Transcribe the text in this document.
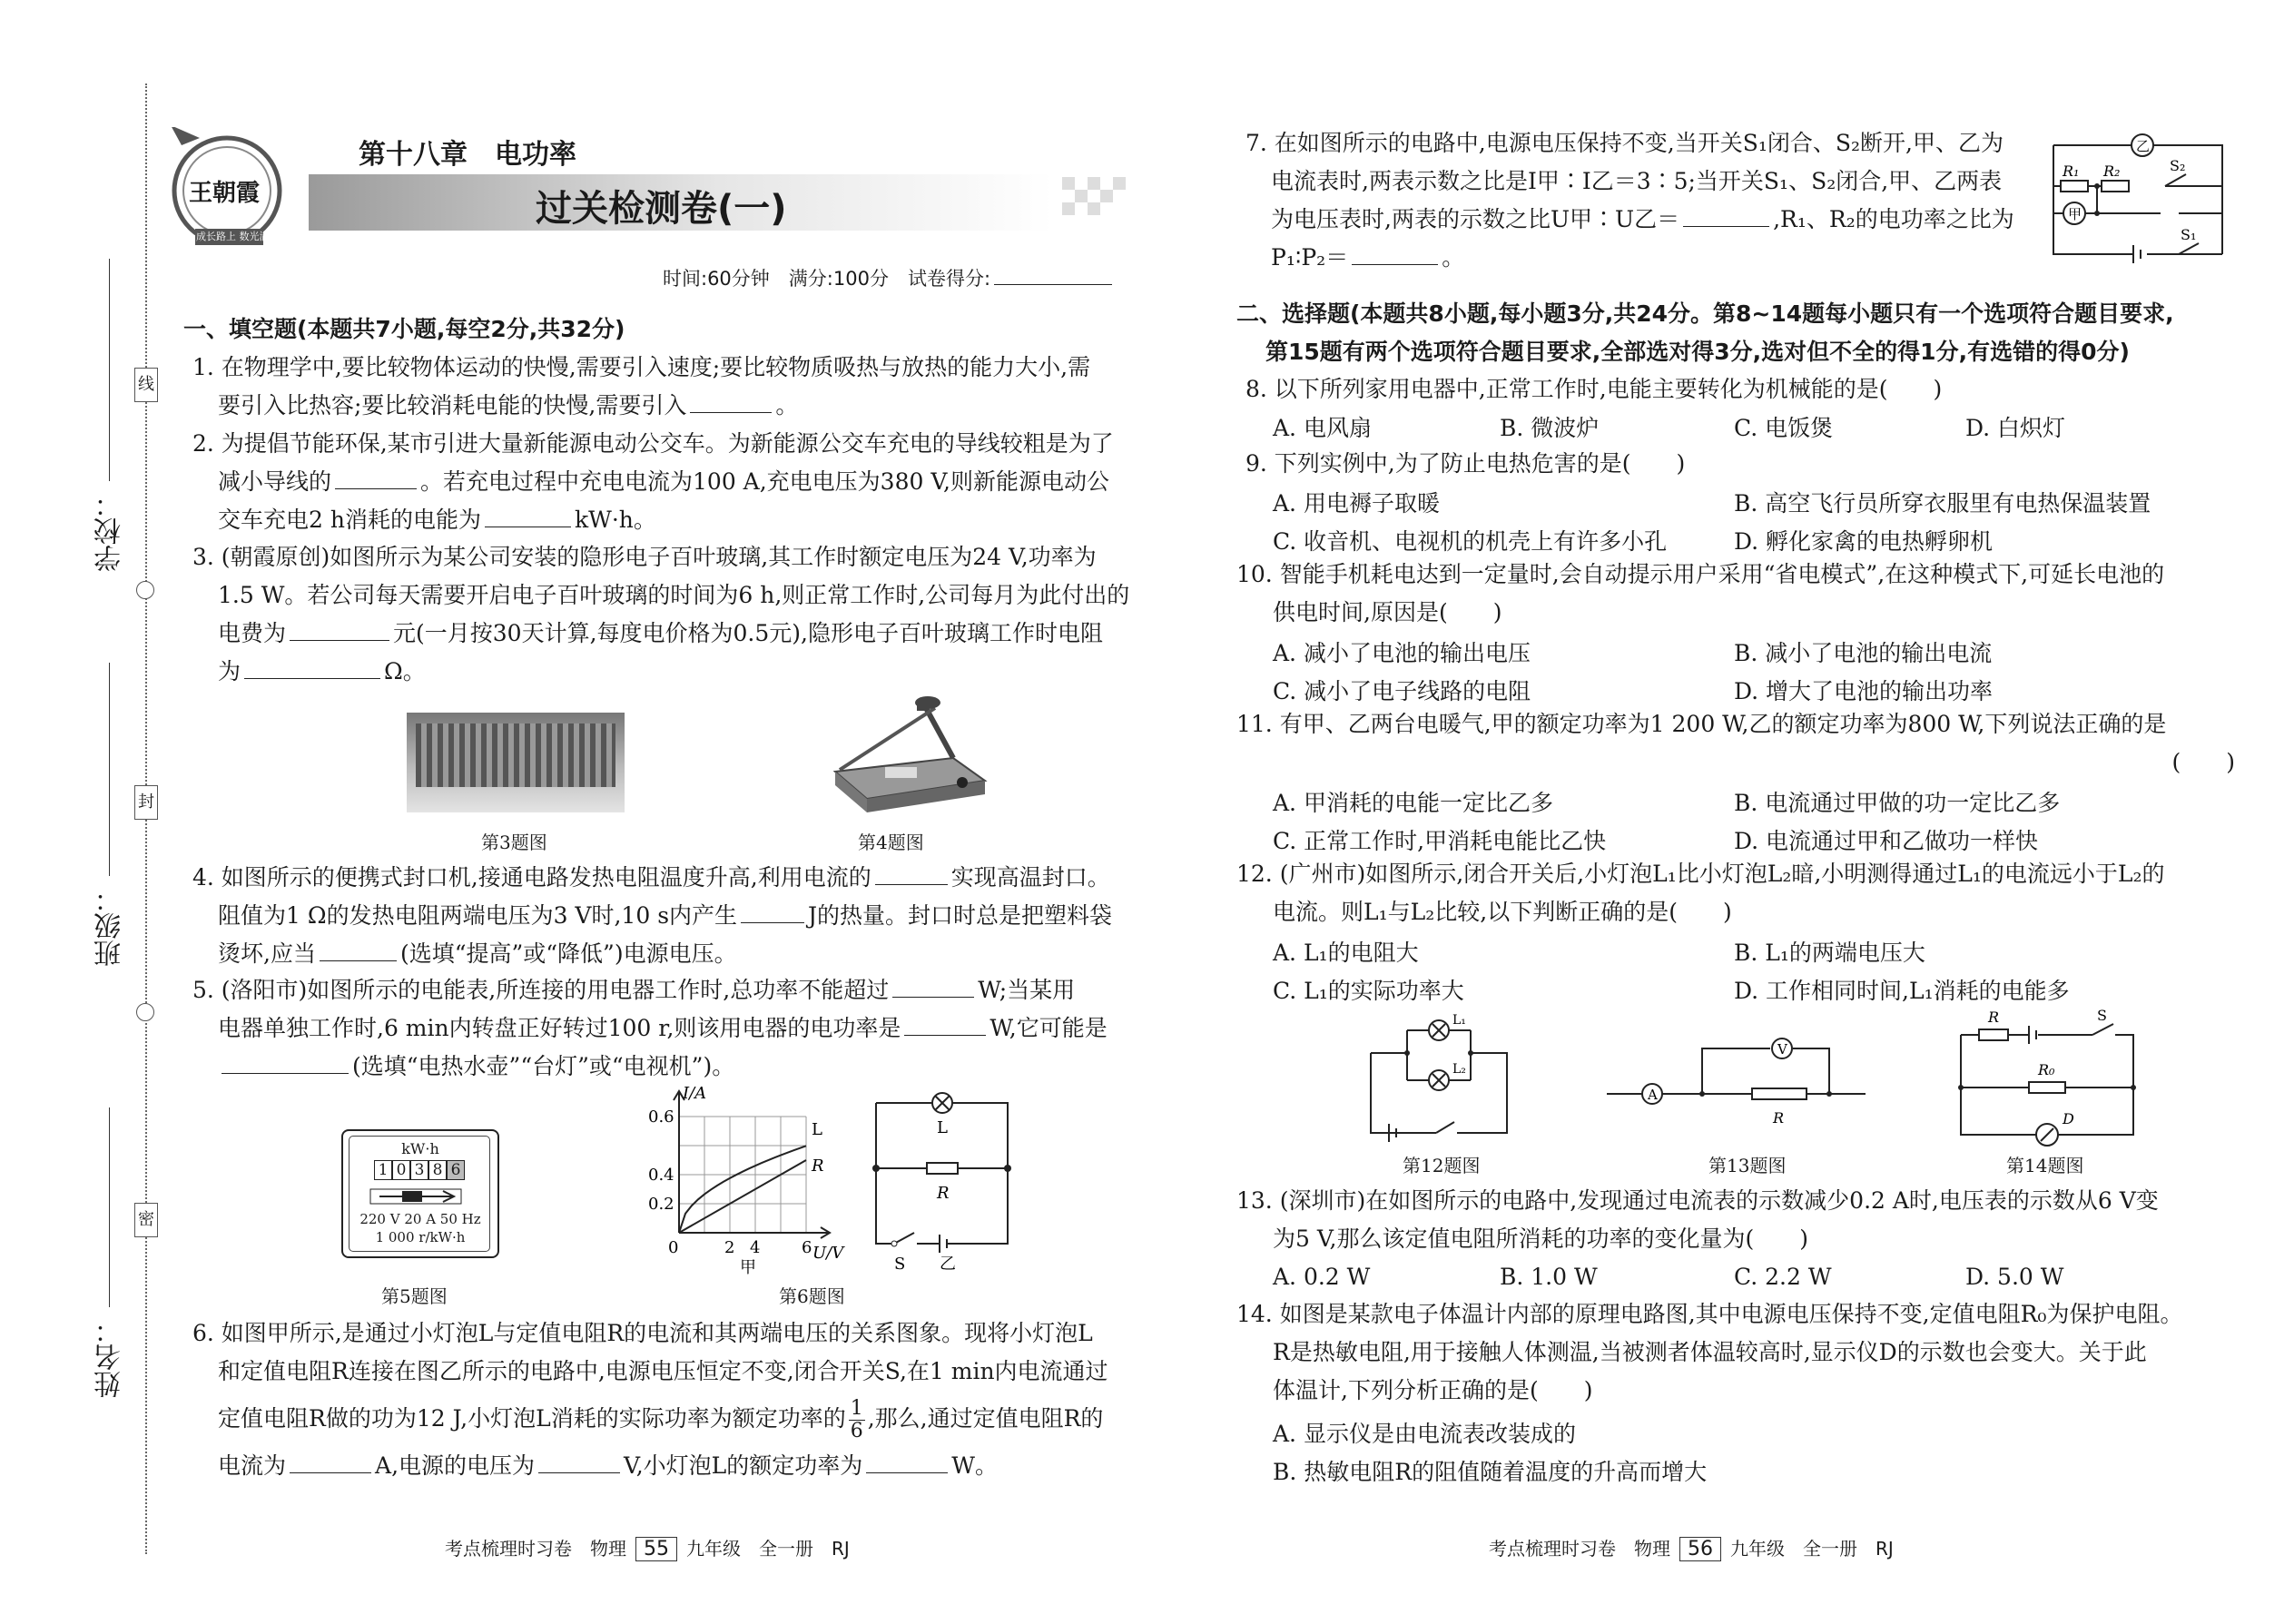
学校：
班级：
姓名：
线
封
密
王朝霞
成长路上 数光满天
第十八章　电功率
过关检测卷(一)
时间:60分钟　满分:100分　试卷得分:
一、填空题(本题共7小题,每空2分,共32分)

1. 在物理学中,要比较物体运动的快慢,需要引入速度;要比较物质吸热与放热的能力大小,需

要引入比热容;要比较消耗电能的快慢,需要引入	。

2. 为提倡节能环保,某市引进大量新能源电动公交车。为新能源公交车充电的导线较粗是为了

减小导线的	。若充电过程中充电电流为100 A,充电电压为380 V,则新能源电动公

交车充电2 h消耗的电能为	kW·h。

3. (朝霞原创)如图所示为某公司安装的隐形电子百叶玻璃,其工作时额定电压为24 V,功率为

1.5 W。若公司每天需要开启电子百叶玻璃的时间为6 h,则正常工作时,公司每月为此付出的

电费为	元(一月按30天计算,每度电价格为0.5元),隐形电子百叶玻璃工作时电阻

为	Ω。

第3题图	第4题图

4. 如图所示的便携式封口机,接通电路发热电阻温度升高,利用电流的	实现高温封口。

阻值为1 Ω的发热电阻两端电压为3 V时,10 s内产生	J的热量。封口时总是把塑料袋

烫坏,应当	(选填“提高”或“降低”)电源电压。

5. (洛阳市)如图所示的电能表,所连接的用电器工作时,总功率不能超过	W;当某用

电器单独工作时,6 min内转盘正好转过100 r,则该用电器的电功率是	W,它可能是

(选填“电热水壶”“台灯”或“电视机”)。

kW·h
1 0 3 8 6
220 V 20 A 50 Hz
1 000 r/kW·h
第5题图
I/A
U/V
0.6
0.4
0.2
0	2 4	6
L
R
甲
L
R
S 乙
第6题图

6. 如图甲所示,是通过小灯泡L与定值电阻R的电流和其两端电压的关系图象。现将小灯泡L

和定值电阻R连接在图乙所示的电路中,电源电压恒定不变,闭合开关S,在1 min内电流通过

定值电阻R做的功为12 J,小灯泡L消耗的实际功率为额定功率的 $\frac{1}{6}$ ,那么,通过定值电阻R的

电流为	A,电源的电压为	V,小灯泡L的额定功率为	W。

考点梳理时习卷　物理 55 九年级　全一册　RJ

7. 在如图所示的电路中,电源电压保持不变,当开关S₁闭合、S₂断开,甲、乙为

电流表时,两表示数之比是I甲∶I乙＝3∶5;当开关S₁、S₂闭合,甲、乙两表

为电压表时,两表的示数之比U甲∶U乙＝	,R₁、R₂的电功率之比为

P₁∶P₂＝	。

乙
甲
R₁ R₂	S₂
S₁
二、选择题(本题共8小题,每小题3分,共24分。第8~14题每小题只有一个选项符合题目要求,
第15题有两个选项符合题目要求,全部选对得3分,选对但不全的得1分,有选错的得0分)
8. 以下所列家用电器中,正常工作时,电能主要转化为机械能的是(　　)
A. 电风扇	B. 微波炉	C. 电饭煲	D. 白炽灯
9. 下列实例中,为了防止电热危害的是(　　)
A. 用电褥子取暖	B. 高空飞行员所穿衣服里有电热保温装置
C. 收音机、电视机的机壳上有许多小孔	D. 孵化家禽的电热孵卵机

10. 智能手机耗电达到一定量时,会自动提示用户采用“省电模式”,在这种模式下,可延长电池的

供电时间,原因是(　　)

A. 减小了电池的输出电压	B. 减小了电池的输出电流
C. 减小了电子线路的电阻	D. 增大了电池的输出功率

11. 有甲、乙两台电暖气,甲的额定功率为1 200 W,乙的额定功率为800 W,下列说法正确的是

(　　)

A. 甲消耗的电能一定比乙多	B. 电流通过甲做的功一定比乙多
C. 正常工作时,甲消耗电能比乙快	D. 电流通过甲和乙做功一样快

12. (广州市)如图所示,闭合开关后,小灯泡L₁比小灯泡L₂暗,小明测得通过L₁的电流远小于L₂的

电流。则L₁与L₂比较,以下判断正确的是(　　)

A. L₁的电阻大	B. L₁的两端电压大
C. L₁的实际功率大	D. 工作相同时间,L₁消耗的电能多
L₁
L₂
第12题图
A
V
R
第13题图
R	S
R₀
D
第14题图

13. (深圳市)在如图所示的电路中,发现通过电流表的示数减少0.2 A时,电压表的示数从6 V变

为5 V,那么该定值电阻所消耗的功率的变化量为(　　)

A. 0.2 W	B. 1.0 W	C. 2.2 W	D. 5.0 W

14. 如图是某款电子体温计内部的原理电路图,其中电源电压保持不变,定值电阻R₀为保护电阻。

R是热敏电阻,用于接触人体测温,当被测者体温较高时,显示仪D的示数也会变大。关于此

体温计,下列分析正确的是(　　)

A. 显示仪是由电流表改装成的
B. 热敏电阻R的阻值随着温度的升高而增大
考点梳理时习卷　物理 56 九年级　全一册　RJ
